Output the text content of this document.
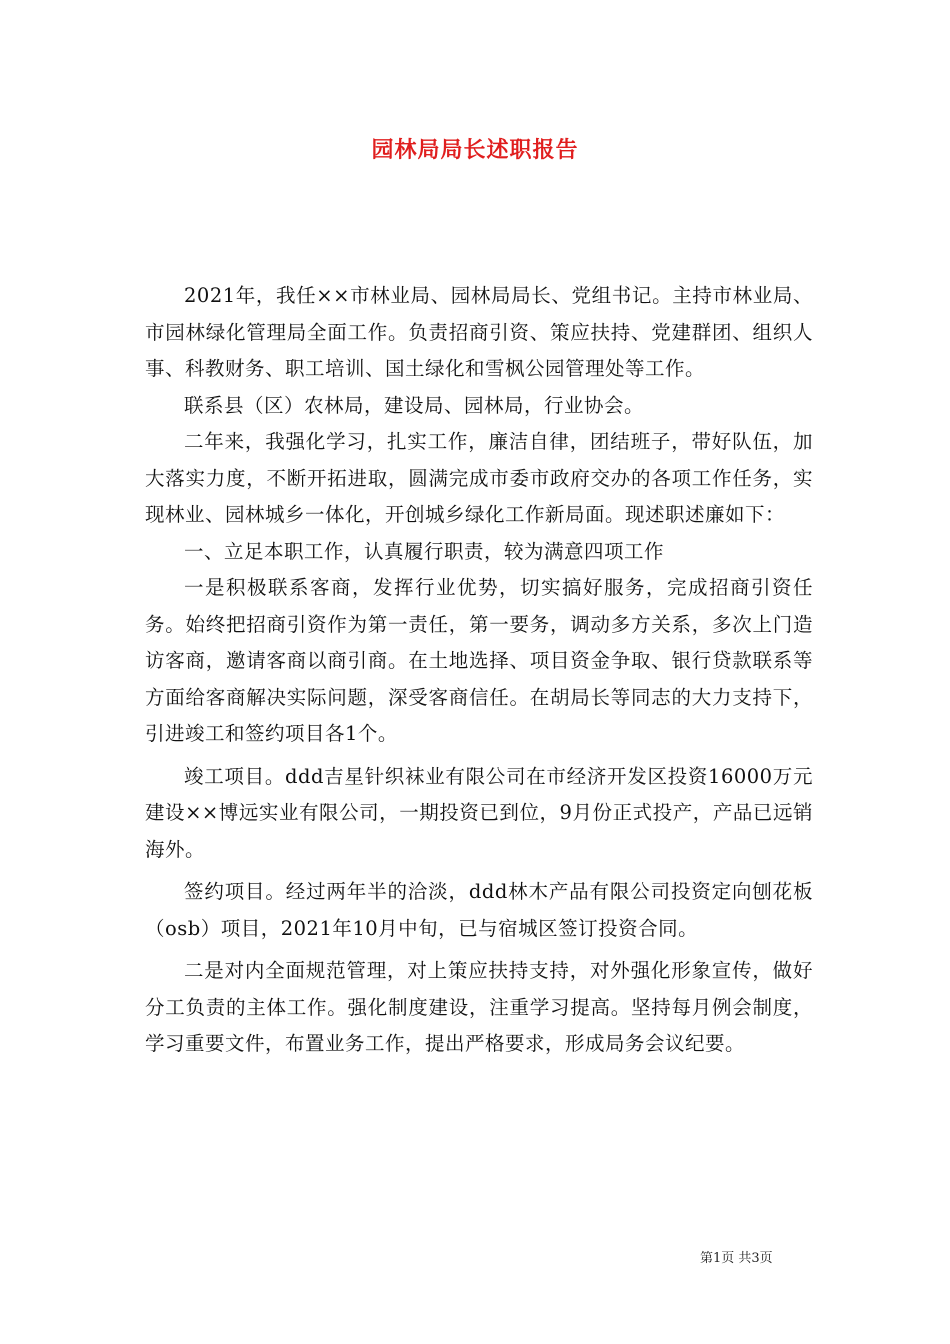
园林局局长述职报告

2021年，我任××市林业局、园林局局长、党组书记。主持市林业局、市园林绿化管理局全面工作。负责招商引资、策应扶持、党建群团、组织人事、科教财务、职工培训、国土绿化和雪枫公园管理处等工作。

联系县（区）农林局，建设局、园林局，行业协会。

二年来，我强化学习，扎实工作，廉洁自律，团结班子，带好队伍，加大落实力度，不断开拓进取，圆满完成市委市政府交办的各项工作任务，实现林业、园林城乡一体化，开创城乡绿化工作新局面。现述职述廉如下：

一、立足本职工作，认真履行职责，较为满意四项工作

一是积极联系客商，发挥行业优势，切实搞好服务，完成招商引资任务。始终把招商引资作为第一责任，第一要务，调动多方关系，多次上门造访客商，邀请客商以商引商。在土地选择、项目资金争取、银行贷款联系等方面给客商解决实际问题，深受客商信任。在胡局长等同志的大力支持下，引进竣工和签约项目各1个。

竣工项目。ddd吉星针织袜业有限公司在市经济开发区投资16000万元建设××博远实业有限公司，一期投资已到位，9月份正式投产，产品已远销海外。

签约项目。经过两年半的洽淡，ddd林木产品有限公司投资定向刨花板（osb）项目，2021年10月中旬，已与宿城区签订投资合同。

二是对内全面规范管理，对上策应扶持支持，对外强化形象宣传，做好分工负责的主体工作。强化制度建设，注重学习提高。坚持每月例会制度，学习重要文件，布置业务工作，提出严格要求，形成局务会议纪要。

第1页 共3页
